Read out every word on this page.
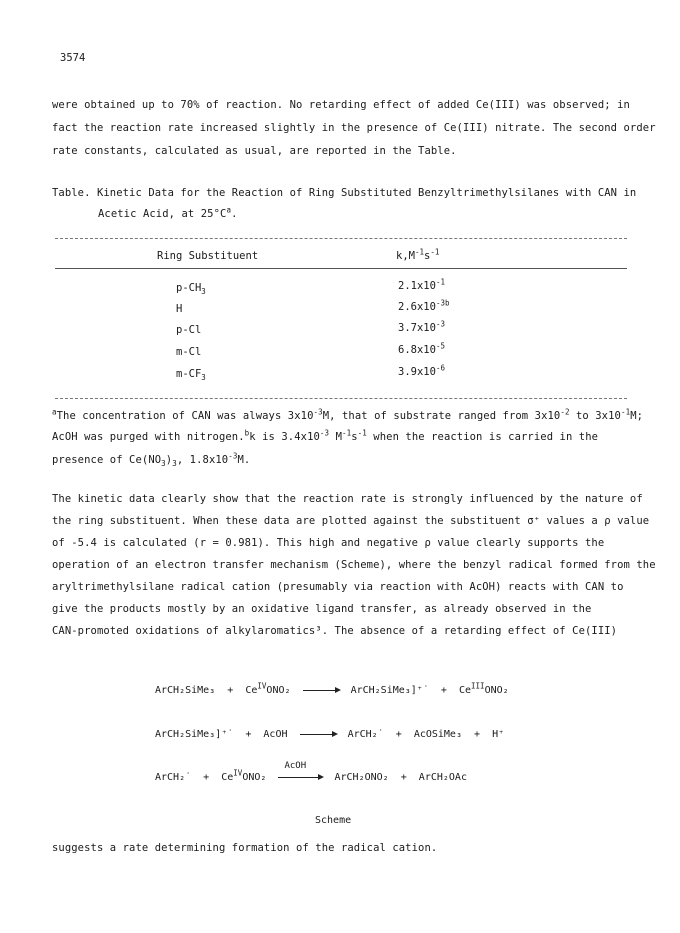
3574
were obtained up to 70% of reaction. No retarding effect of added Ce(III) was observed; in
fact the reaction rate increased slightly in the presence of Ce(III) nitrate. The second order
rate constants, calculated as usual, are reported in the Table.
Table. Kinetic Data for the Reaction of Ring Substituted Benzyltrimethylsilanes with CAN in
Acetic Acid, at $25^\circ C^a$.
Ring Substituent	$k,M^{-1}s^{-1}$
$p-CH_3$	$2.1x10^{-1}$
H	$2.6x10^{-3b}$
p-Cl	$3.7x10^{-3}$
m-Cl	$6.8x10^{-5}$
$m-CF_3$	$3.9x10^{-6}$
$^a$The concentration of CAN was always $3x10^{-3}M$, that of substrate ranged from $3x10^{-2}$ to $3x10^{-1}M$;
AcOH was purged with nitrogen.$^b$k is $3.4x10^{-3}$ $M^{-1}s^{-1}$ when the reaction is carried in the
presence of $Ce(NO_3)_3$, $1.8x10^{-3}M$.
The kinetic data clearly show that the reaction rate is strongly influenced by the nature of
the ring substituent. When these data are plotted against the substituent σ⁺ values a ρ value
of -5.4 is calculated (r = 0.981). This high and negative ρ value clearly supports the
operation of an electron transfer mechanism (Scheme), where the benzyl radical formed from the
aryltrimethylsilane radical cation (presumably via reaction with AcOH) reacts with CAN to
give the products mostly by an oxidative ligand transfer, as already observed in the
CAN-promoted oxidations of alkylaromatics³. The absence of a retarding effect of Ce(III)
ArCH₂SiMe₃ + $Ce^{IV}ONO_2$ → ArCH₂SiMe₃]⁺˙ + $Ce^{III}ONO_2$
ArCH₂SiMe₃]⁺˙ + AcOH → ArCH₂˙ + AcOSiMe₃ + H⁺
ArCH₂˙ + $Ce^{IV}ONO_2$
AcOH
ArCH₂ONO₂ + ArCH₂OAc
Scheme
suggests a rate determining formation of the radical cation.
